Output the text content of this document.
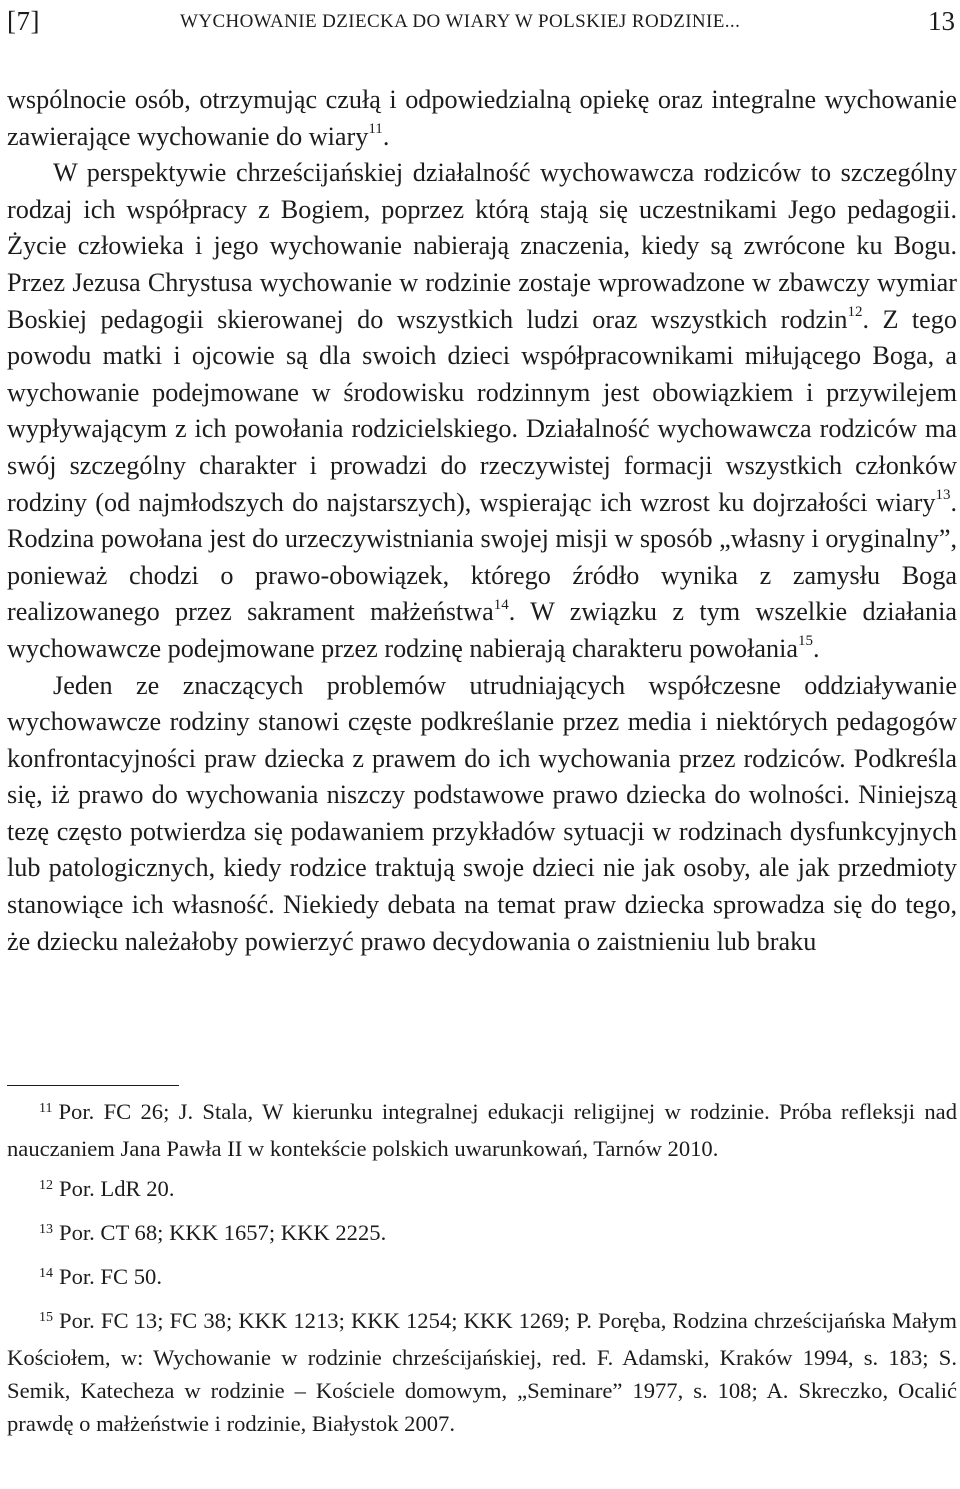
[7]	WYCHOWANIE DZIECKA DO WIARY W POLSKIEJ RODZINIE...	13

wspólnocie osób, otrzymując czułą i odpowiedzialną opiekę oraz integralne wychowanie zawierające wychowanie do wiary$^{11}$.

W perspektywie chrześcijańskiej działalność wychowawcza rodziców to szczególny rodzaj ich współpracy z Bogiem, poprzez którą stają się uczestnikami Jego pedagogii. Życie człowieka i jego wychowanie nabierają znaczenia, kiedy są zwrócone ku Bogu. Przez Jezusa Chrystusa wychowanie w rodzinie zostaje wprowadzone w zbawczy wymiar Boskiej pedagogii skierowanej do wszystkich ludzi oraz wszystkich rodzin$^{12}$. Z tego powodu matki i ojcowie są dla swoich dzieci współpracownikami miłującego Boga, a wychowanie podejmowane w środowisku rodzinnym jest obowiązkiem i przywilejem wypływającym z ich powołania rodzicielskiego. Działalność wychowawcza rodziców ma swój szczególny charakter i prowadzi do rzeczywistej formacji wszystkich członków rodziny (od najmłodszych do najstarszych), wspierając ich wzrost ku dojrzałości wiary$^{13}$. Rodzina powołana jest do urzeczywistniania swojej misji w sposób „własny i oryginalny”, ponieważ chodzi o prawo-obowiązek, którego źródło wynika z zamysłu Boga realizowanego przez sakrament małżeństwa$^{14}$. W związku z tym wszelkie działania wychowawcze podejmowane przez rodzinę nabierają charakteru powołania$^{15}$.

Jeden ze znaczących problemów utrudniających współczesne oddziaływanie wychowawcze rodziny stanowi częste podkreślanie przez media i niektórych pedagogów konfrontacyjności praw dziecka z prawem do ich wychowania przez rodziców. Podkreśla się, iż prawo do wychowania niszczy podstawowe prawo dziecka do wolności. Niniejszą tezę często potwierdza się podawaniem przykładów sytuacji w rodzinach dysfunkcyjnych lub patologicznych, kiedy rodzice traktują swoje dzieci nie jak osoby, ale jak przedmioty stanowiące ich własność. Niekiedy debata na temat praw dziecka sprowadza się do tego, że dziecku należałoby powierzyć prawo decydowania o zaistnieniu lub braku

$^{11}$ Por. FC 26; J. Stala, W kierunku integralnej edukacji religijnej w rodzinie. Próba refleksji nad nauczaniem Jana Pawła II w kontekście polskich uwarunkowań, Tarnów 2010.

$^{12}$ Por. LdR 20.

$^{13}$ Por. CT 68; KKK 1657; KKK 2225.

$^{14}$ Por. FC 50.

$^{15}$ Por. FC 13; FC 38; KKK 1213; KKK 1254; KKK 1269; P. Poręba, Rodzina chrześcijańska Małym Kościołem, w: Wychowanie w rodzinie chrześcijańskiej, red. F. Adamski, Kraków 1994, s. 183; S. Semik, Katecheza w rodzinie – Kościele domowym, „Seminare” 1977, s. 108; A. Skreczko, Ocalić prawdę o małżeństwie i rodzinie, Białystok 2007.
